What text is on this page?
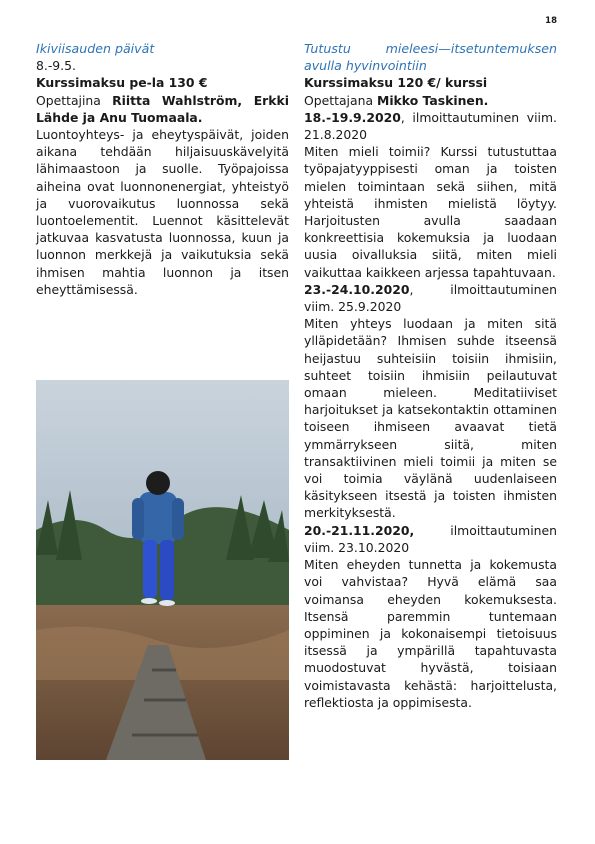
18

Ikiviisauden päivät

8.-9.5.

Kurssimaksu pe-la 130 €

Opettajina Riitta Wahlström, Erkki Lähde ja Anu Tuomaala.

Luontoyhteys- ja eheytyspäivät, joiden aikana tehdään hiljaisuuskävelyitä lähimaastoon ja suolle. Työpajoissa aiheina ovat luonnonenergiat, yhteistyö ja vuorovaikutus luonnossa sekä luontoelementit. Luennot käsittelevät jatkuvaa kasvatusta luonnossa, kuun ja luonnon merkkejä ja vaikutuksia sekä ihmisen mahtia luonnon ja itsen eheyttämisessä.

Tutustu mieleesi—itsetuntemuksen avulla hyvinvointiin

Kurssimaksu 120 €/ kurssi

Opettajana Mikko Taskinen.

18.-19.9.2020, ilmoittautuminen viim. 21.8.2020

Miten mieli toimii? Kurssi tutustuttaa työpajatyyppisesti oman ja toisten mielen toimintaan sekä siihen, mitä yhteistä ihmisten mielistä löytyy. Harjoitusten avulla saadaan konkreettisia kokemuksia ja luodaan uusia oivalluksia siitä, miten mieli vaikuttaa kaikkeen arjessa tapahtuvaan.

23.-24.10.2020, ilmoittautuminen viim. 25.9.2020

Miten yhteys luodaan ja miten sitä ylläpidetään? Ihmisen suhde itseensä heijastuu suhteisiin toisiin ihmisiin, suhteet toisiin ihmisiin peilautuvat omaan mieleen. Meditatiiviset harjoitukset ja katsekontaktin ottaminen toiseen ihmiseen avaavat tietä ymmärrykseen siitä, miten transaktiivinen mieli toimii ja miten se voi toimia väylänä uudenlaiseen käsitykseen itsestä ja toisten ihmisten merkityksestä.

20.-21.11.2020, ilmoittautuminen viim. 23.10.2020

Miten eheyden tunnetta ja kokemusta voi vahvistaa? Hyvä elämä saa voimansa eheyden kokemuksesta. Itsensä paremmin tuntemaan oppiminen ja kokonaisempi tietoisuus itsessä ja ympärillä tapahtuvasta muodostuvat hyvästä, toisiaan voimistavasta kehästä: harjoittelusta, reflektiosta ja oppimisesta.
